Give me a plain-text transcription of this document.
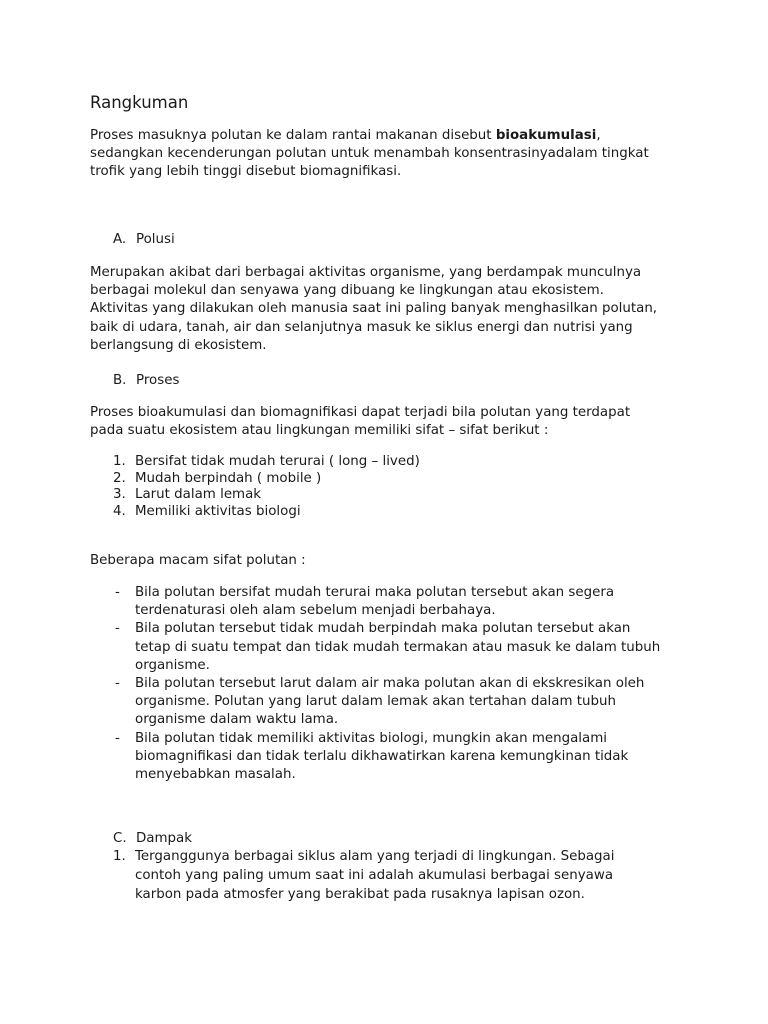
Rangkuman

Proses masuknya polutan ke dalam rantai makanan disebut bioakumulasi,
sedangkan kecenderungan polutan untuk menambah konsentrasinyadalam tingkat
trofik yang lebih tinggi disebut biomagnifikasi.

A. Polusi

Merupakan akibat dari berbagai aktivitas organisme, yang berdampak munculnya
berbagai molekul dan senyawa yang dibuang ke lingkungan atau ekosistem.
Aktivitas yang dilakukan oleh manusia saat ini paling banyak menghasilkan polutan,
baik di udara, tanah, air dan selanjutnya masuk ke siklus energi dan nutrisi yang
berlangsung di ekosistem.

B. Proses

Proses bioakumulasi dan biomagnifikasi dapat terjadi bila polutan yang terdapat
pada suatu ekosistem atau lingkungan memiliki sifat – sifat berikut :

1. Bersifat tidak mudah terurai ( long – lived)
2. Mudah berpindah ( mobile )
3. Larut dalam lemak
4. Memiliki aktivitas biologi

Beberapa macam sifat polutan :

- Bila polutan bersifat mudah terurai maka polutan tersebut akan segera
terdenaturasi oleh alam sebelum menjadi berbahaya.
- Bila polutan tersebut tidak mudah berpindah maka polutan tersebut akan
tetap di suatu tempat dan tidak mudah termakan atau masuk ke dalam tubuh
organisme.
- Bila polutan tersebut larut dalam air maka polutan akan di ekskresikan oleh
organisme. Polutan yang larut dalam lemak akan tertahan dalam tubuh
organisme dalam waktu lama.
- Bila polutan tidak memiliki aktivitas biologi, mungkin akan mengalami
biomagnifikasi dan tidak terlalu dikhawatirkan karena kemungkinan tidak
menyebabkan masalah.
C. Dampak
1. Terganggunya berbagai siklus alam yang terjadi di lingkungan. Sebagai
contoh yang paling umum saat ini adalah akumulasi berbagai senyawa
karbon pada atmosfer yang berakibat pada rusaknya lapisan ozon.
